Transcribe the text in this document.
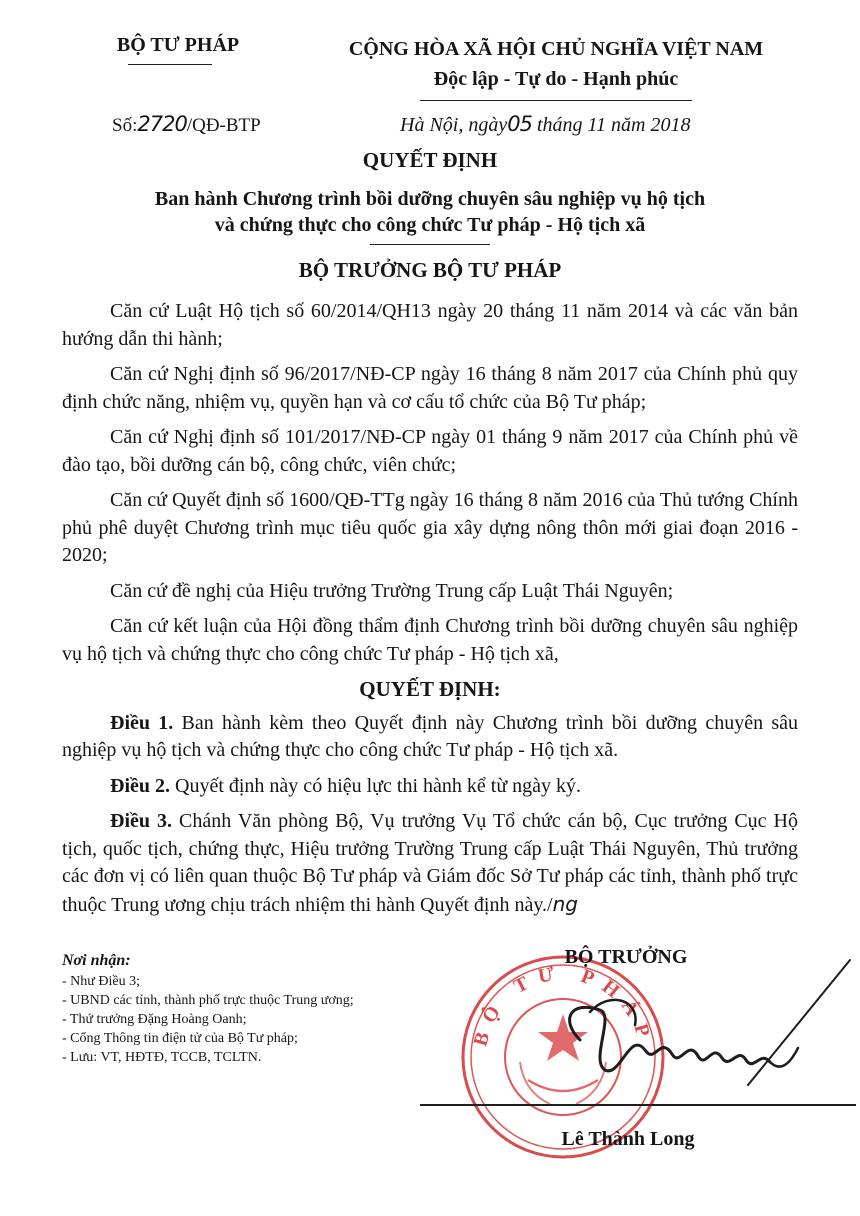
BỘ TƯ PHÁP	CỘNG HÒA XÃ HỘI CHỦ NGHĨA VIỆT NAM
Độc lập - Tự do - Hạnh phúc
Số:2720/QĐ-BTP	Hà Nội, ngày05 tháng 11 năm 2018
QUYẾT ĐỊNH
Ban hành Chương trình bồi dưỡng chuyên sâu nghiệp vụ hộ tịch
và chứng thực cho công chức Tư pháp - Hộ tịch xã
BỘ TRƯỞNG BỘ TƯ PHÁP

Căn cứ Luật Hộ tịch số 60/2014/QH13 ngày 20 tháng 11 năm 2014 và các văn bản hướng dẫn thi hành;

Căn cứ Nghị định số 96/2017/NĐ-CP ngày 16 tháng 8 năm 2017 của Chính phủ quy định chức năng, nhiệm vụ, quyền hạn và cơ cấu tổ chức của Bộ Tư pháp;

Căn cứ Nghị định số 101/2017/NĐ-CP ngày 01 tháng 9 năm 2017 của Chính phủ về đào tạo, bồi dưỡng cán bộ, công chức, viên chức;

Căn cứ Quyết định số 1600/QĐ-TTg ngày 16 tháng 8 năm 2016 của Thủ tướng Chính phủ phê duyệt Chương trình mục tiêu quốc gia xây dựng nông thôn mới giai đoạn 2016 - 2020;

Căn cứ đề nghị của Hiệu trưởng Trường Trung cấp Luật Thái Nguyên;

Căn cứ kết luận của Hội đồng thẩm định Chương trình bồi dưỡng chuyên sâu nghiệp vụ hộ tịch và chứng thực cho công chức Tư pháp - Hộ tịch xã,

QUYẾT ĐỊNH:

Điều 1. Ban hành kèm theo Quyết định này Chương trình bồi dưỡng chuyên sâu nghiệp vụ hộ tịch và chứng thực cho công chức Tư pháp - Hộ tịch xã.

Điều 2. Quyết định này có hiệu lực thi hành kể từ ngày ký.

Điều 3. Chánh Văn phòng Bộ, Vụ trưởng Vụ Tổ chức cán bộ, Cục trưởng Cục Hộ tịch, quốc tịch, chứng thực, Hiệu trưởng Trường Trung cấp Luật Thái Nguyên, Thủ trưởng các đơn vị có liên quan thuộc Bộ Tư pháp và Giám đốc Sở Tư pháp các tỉnh, thành phố trực thuộc Trung ương chịu trách nhiệm thi hành Quyết định này./ng

Nơi nhận:
- Như Điều 3;
- UBND các tỉnh, thành phố trực thuộc Trung ương;
- Thứ trưởng Đặng Hoàng Oanh;
- Cổng Thông tin điện tử của Bộ Tư pháp;
- Lưu: VT, HĐTĐ, TCCB, TCLTN.
BỘ TƯ PHÁP
BỘ TRƯỞNG
Lê Thành Long
